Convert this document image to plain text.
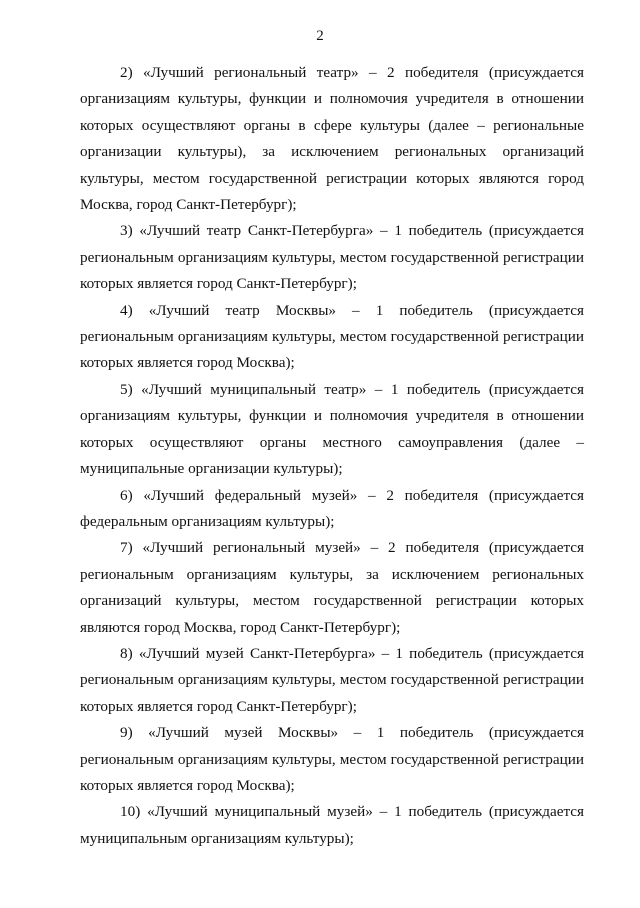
2

2) «Лучший региональный театр» – 2 победителя (присуждается организациям культуры, функции и полномочия учредителя в отношении которых осуществляют органы в сфере культуры (далее – региональные организации культуры), за исключением региональных организаций культуры, местом государственной регистрации которых являются город Москва, город Санкт-Петербург);

3) «Лучший театр Санкт-Петербурга» – 1 победитель (присуждается региональным организациям культуры, местом государственной регистрации которых является город Санкт-Петербург);

4) «Лучший театр Москвы» – 1 победитель (присуждается региональным организациям культуры, местом государственной регистрации которых является город Москва);

5) «Лучший муниципальный театр» – 1 победитель (присуждается организациям культуры, функции и полномочия учредителя в отношении которых осуществляют органы местного самоуправления (далее – муниципальные организации культуры);

6) «Лучший федеральный музей» – 2 победителя (присуждается федеральным организациям культуры);

7) «Лучший региональный музей» – 2 победителя (присуждается региональным организациям культуры, за исключением региональных организаций культуры, местом государственной регистрации которых являются город Москва, город Санкт-Петербург);

8) «Лучший музей Санкт-Петербурга» – 1 победитель (присуждается региональным организациям культуры, местом государственной регистрации которых является город Санкт-Петербург);

9) «Лучший музей Москвы» – 1 победитель (присуждается региональным организациям культуры, местом государственной регистрации которых является город Москва);

10) «Лучший муниципальный музей» – 1 победитель (присуждается муниципальным организациям культуры);
